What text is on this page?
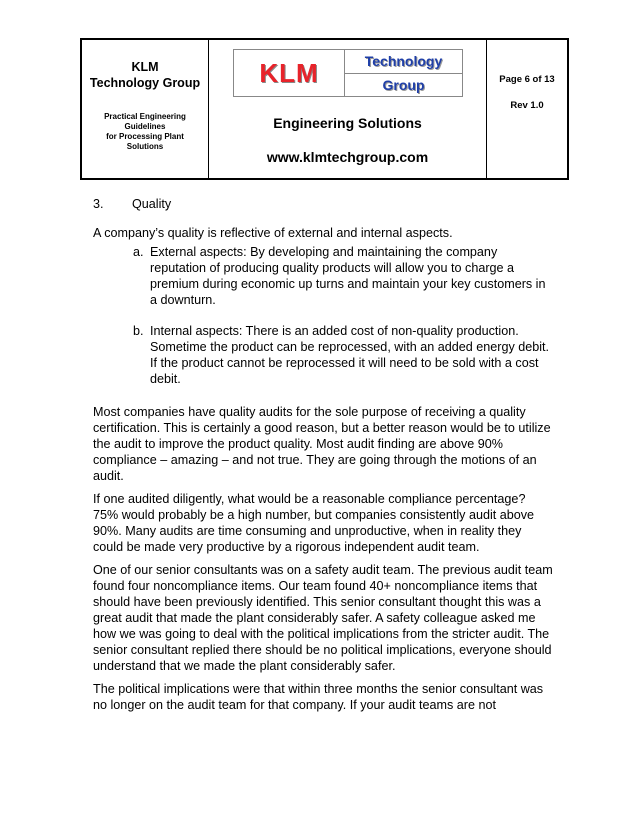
KLM
Technology Group
Practical Engineering
Guidelines
for Processing Plant
Solutions
KLM	Technology
Group
Engineering Solutions
www.klmtechgroup.com
Page 6 of 13
Rev 1.0
3.	Quality

A company’s quality is reflective of external and internal aspects.

a. External aspects: By developing and maintaining the company reputation of producing quality products will allow you to charge a premium during economic up turns and maintain your key customers in a downturn.
b. Internal aspects: There is an added cost of non-quality production. Sometime the product can be reprocessed, with an added energy debit. If the product cannot be reprocessed it will need to be sold with a cost debit.

Most companies have quality audits for the sole purpose of receiving a quality certification. This is certainly a good reason, but a better reason would be to utilize the audit to improve the product quality. Most audit finding are above 90% compliance – amazing – and not true. They are going through the motions of an audit.

If one audited diligently, what would be a reasonable compliance percentage? 75% would probably be a high number, but companies consistently audit above 90%. Many audits are time consuming and unproductive, when in reality they could be made very productive by a rigorous independent audit team.

One of our senior consultants was on a safety audit team. The previous audit team found four noncompliance items. Our team found 40+ noncompliance items that should have been previously identified. This senior consultant thought this was a great audit that made the plant considerably safer. A safety colleague asked me how we was going to deal with the political implications from the stricter audit. The senior consultant replied there should be no political implications, everyone should understand that we made the plant considerably safer.

The political implications were that within three months the senior consultant was no longer on the audit team for that company. If your audit teams are not
